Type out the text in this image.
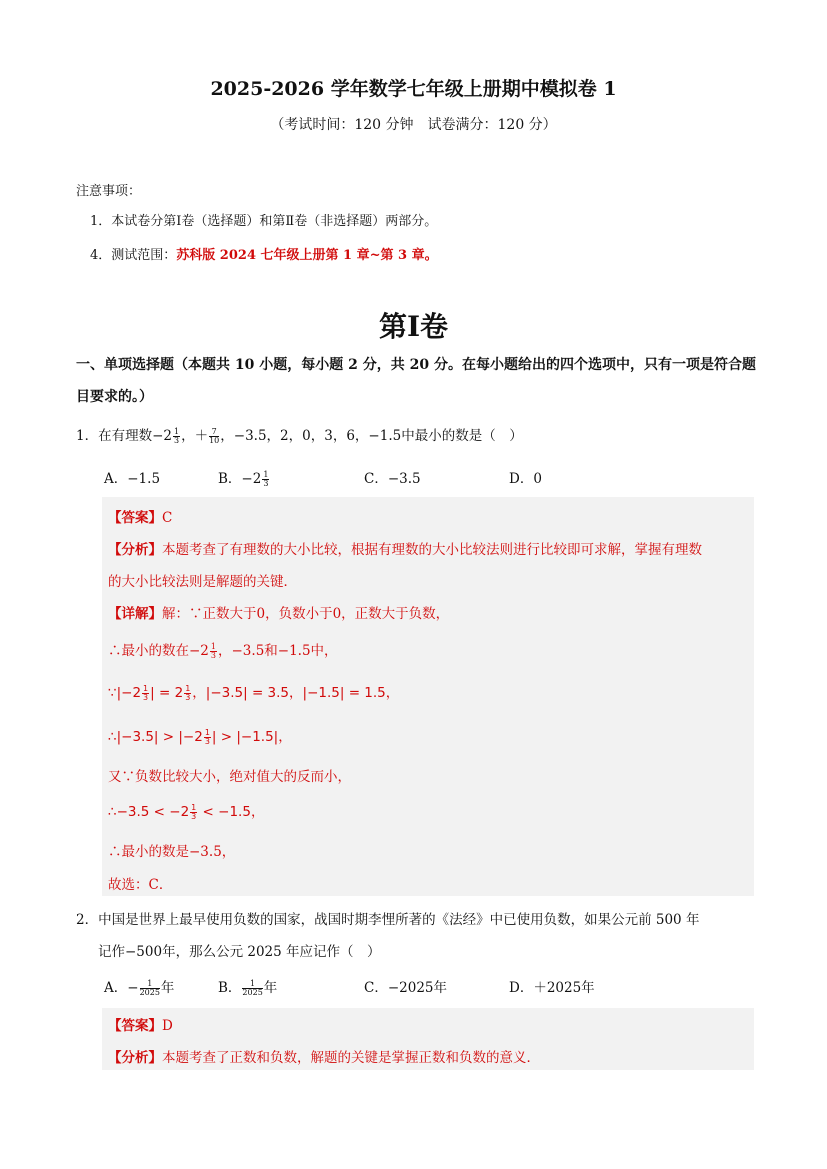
2025-2026 学年数学七年级上册期中模拟卷 1
（考试时间：120 分钟　试卷满分：120 分）
注意事项：
1．本试卷分第Ⅰ卷（选择题）和第Ⅱ卷（非选择题）两部分。
4．测试范围：苏科版 2024 七年级上册第 1 章~第 3 章。
第Ⅰ卷
一、单项选择题（本题共 10 小题，每小题 2 分，共 20 分。在每小题给出的四个选项中，只有一项是符合题目要求的。）
1．在有理数$-2 \frac{1}{3}$ ，＋ $\frac{7}{10}$ ，−3.5，2，0，3，6，−1.5中最小的数是（　）
A．−1.5	B．$-2 \frac{1}{3}$	C．−3.5	D．0
【答案】C
【分析】本题考查了有理数的大小比较，根据有理数的大小比较法则进行比较即可求解，掌握有理数
的大小比较法则是解题的关键．
【详解】解：∵正数大于0，负数小于0，正数大于负数，
∴最小的数在$-2 \frac{1}{3}$ ，−3.5和−1.5中，
∵|−2 $\frac{1}{3}$ | = $2 \frac{1}{3}$ ，|−3.5| = 3.5，|−1.5| = 1.5，
∴|−3.5| > $|-2 \frac{1}{3}$ | > |−1.5|，
又∵负数比较大小，绝对值大的反而小，
∴−3.5 < $-2 \frac{1}{3} < -1.5$，
∴最小的数是−3.5，
故选：C．
2．中国是世界上最早使用负数的国家，战国时期李悝所著的《法经》中已使用负数，如果公元前 500 年
记作−500年，那么公元 2025 年应记作（　）
A．− $\frac{1}{2025}$ 年	B． $\frac{1}{2025}$ 年	C．−2025年	D．＋2025年
【答案】D
【分析】本题考查了正数和负数，解题的关键是掌握正数和负数的意义．
